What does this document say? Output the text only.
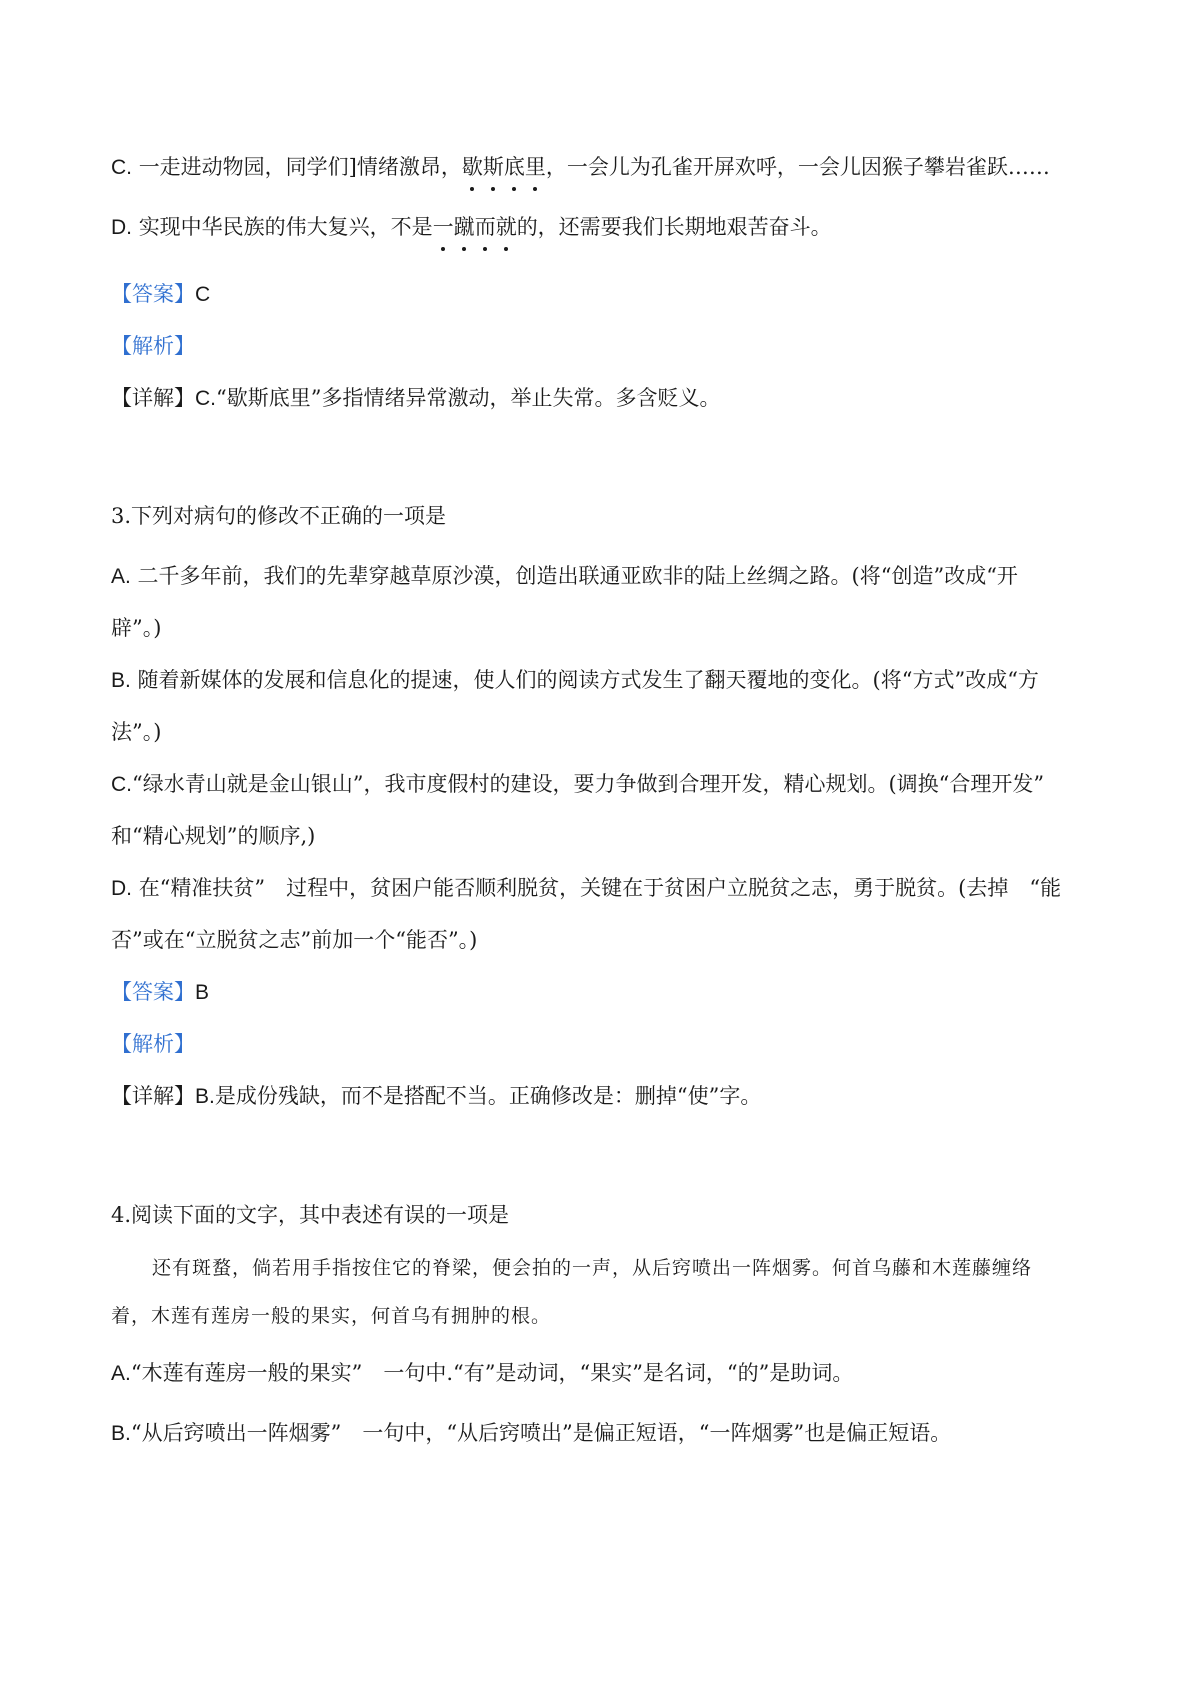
C. 一走进动物园，同学们]情绪激昂，歇斯底里，一会儿为孔雀开屏欢呼，一会儿因猴子攀岩雀跃……
D. 实现中华民族的伟大复兴，不是一蹴而就的，还需要我们长期地艰苦奋斗。
【答案】C
【解析】
【详解】C.“歇斯底里”多指情绪异常激动，举止失常。多含贬义。
3.下列对病句的修改不正确的一项是
A. 二千多年前，我们的先辈穿越草原沙漠，创造出联通亚欧非的陆上丝绸之路。(将“创造”改成“开
辟”。)
B. 随着新媒体的发展和信息化的提速，使人们的阅读方式发生了翻天覆地的变化。(将“方式”改成“方
法”。)
C.“绿水青山就是金山银山”，我市度假村的建设，要力争做到合理开发，精心规划。(调换“合理开发”
和“精心规划”的顺序,)
D. 在“精准扶贫”　过程中，贫困户能否顺利脱贫，关键在于贫困户立脱贫之志，勇于脱贫。(去掉　“能
否”或在“立脱贫之志”前加一个“能否”。)
【答案】B
【解析】
【详解】B.是成份残缺，而不是搭配不当。正确修改是：删掉“使”字。
4.阅读下面的文字，其中表述有误的一项是
还有斑蝥，倘若用手指按住它的脊梁，便会拍的一声，从后窍喷出一阵烟雾。何首乌藤和木莲藤缠络
着，木莲有莲房一般的果实，何首乌有拥肿的根。
A.“木莲有莲房一般的果实”　一句中.“有”是动词，“果实”是名词，“的”是助词。
B.“从后窍喷出一阵烟雾”　一句中，“从后窍喷出”是偏正短语，“一阵烟雾”也是偏正短语。
